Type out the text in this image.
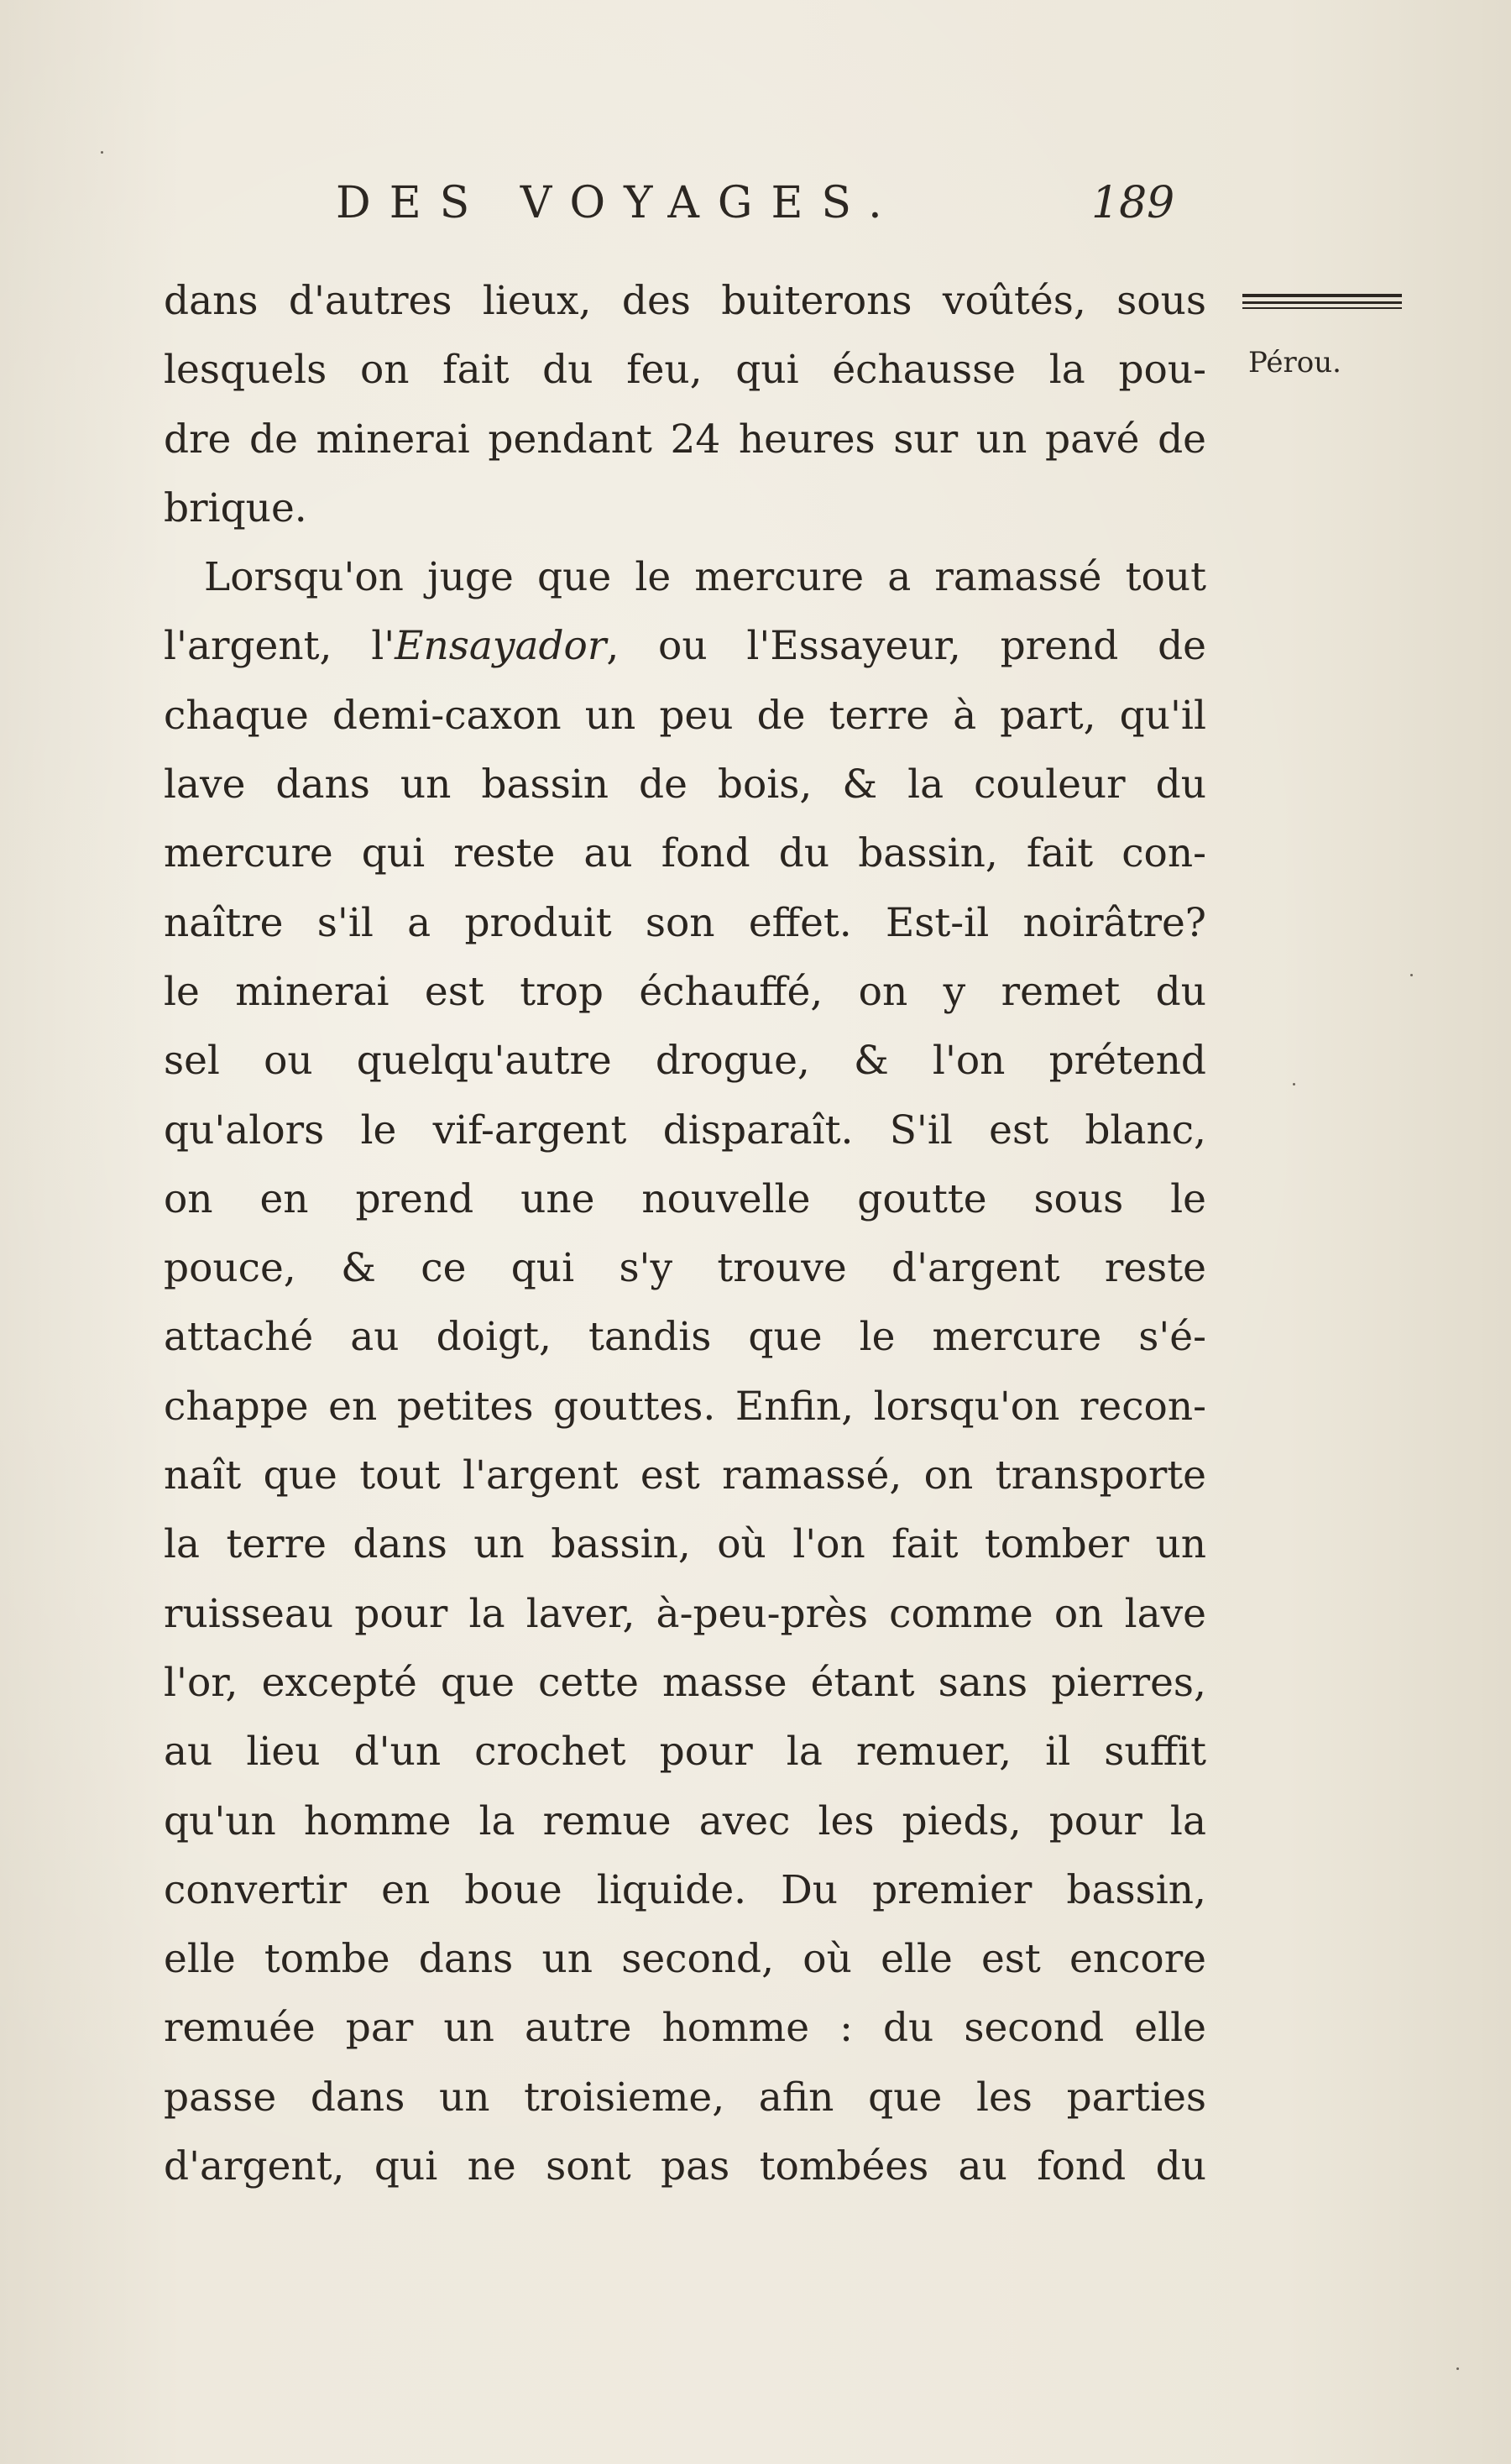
DES VOYAGES.	189
Pérou.
dans d'autres lieux, des buiterons voûtés, sous
lesquels on fait du feu, qui échausse la pou-
dre de minerai pendant 24 heures sur un pavé de
brique.
Lorsqu'on juge que le mercure a ramassé tout
l'argent, l'Ensayador, ou l'Essayeur, prend de
chaque demi-caxon un peu de terre à part, qu'il
lave dans un bassin de bois, & la couleur du
mercure qui reste au fond du bassin, fait con-
naître s'il a produit son effet. Est-il noirâtre?
le minerai est trop échauffé, on y remet du
sel ou quelqu'autre drogue, & l'on prétend
qu'alors le vif-argent disparaît. S'il est blanc,
on en prend une nouvelle goutte sous le
pouce, & ce qui s'y trouve d'argent reste
attaché au doigt, tandis que le mercure s'é-
chappe en petites gouttes. Enfin, lorsqu'on recon-
naît que tout l'argent est ramassé, on transporte
la terre dans un bassin, où l'on fait tomber un
ruisseau pour la laver, à-peu-près comme on lave
l'or, excepté que cette masse étant sans pierres,
au lieu d'un crochet pour la remuer, il suffit
qu'un homme la remue avec les pieds, pour la
convertir en boue liquide. Du premier bassin,
elle tombe dans un second, où elle est encore
remuée par un autre homme : du second elle
passe dans un troisieme, afin que les parties
d'argent, qui ne sont pas tombées au fond du
